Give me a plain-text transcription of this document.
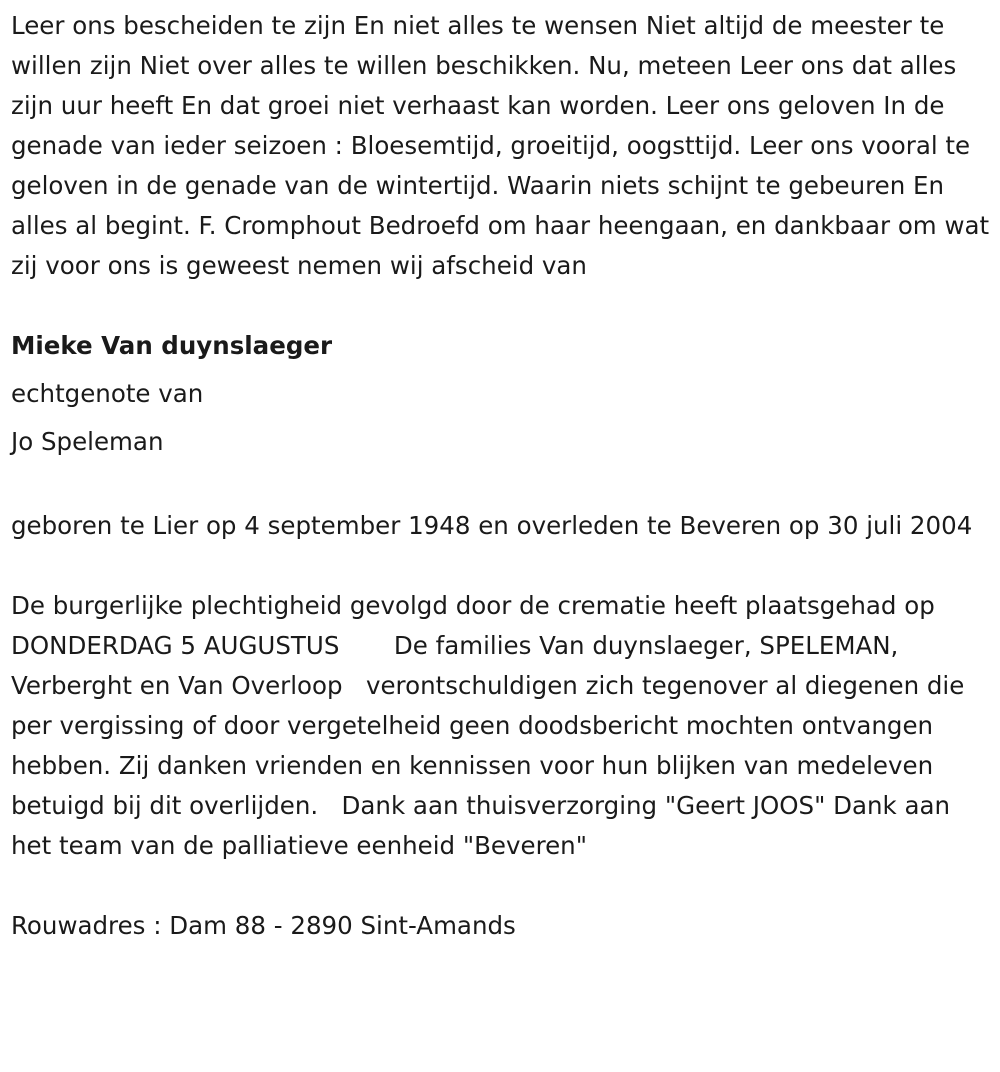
Leer ons bescheiden te zijn En niet alles te wensen Niet altijd de meester te willen zijn Niet over alles te willen beschikken. Nu, meteen Leer ons dat alles zijn uur heeft En dat groei niet verhaast kan worden. Leer ons geloven In de genade van ieder seizoen : Bloesemtijd, groeitijd, oogsttijd. Leer ons vooral te geloven in de genade van de wintertijd. Waarin niets schijnt te gebeuren En alles al begint. F. Cromphout Bedroefd om haar heengaan, en dankbaar om wat zij voor ons is geweest nemen wij afscheid van

Mieke Van duynslaeger

echtgenote van

Jo Speleman

geboren te Lier op 4 september 1948 en overleden te Beveren op 30 juli 2004

De burgerlijke plechtigheid gevolgd door de crematie heeft plaatsgehad op DONDERDAG 5 AUGUSTUS De families Van duynslaeger, SPELEMAN, Verberght en Van Overloop verontschuldigen zich tegenover al diegenen die per vergissing of door vergetelheid geen doodsbericht mochten ontvangen hebben. Zij danken vrienden en kennissen voor hun blijken van medeleven betuigd bij dit overlijden. Dank aan thuisverzorging "Geert JOOS" Dank aan het team van de palliatieve eenheid "Beveren"

Rouwadres : Dam 88 - 2890 Sint-Amands
